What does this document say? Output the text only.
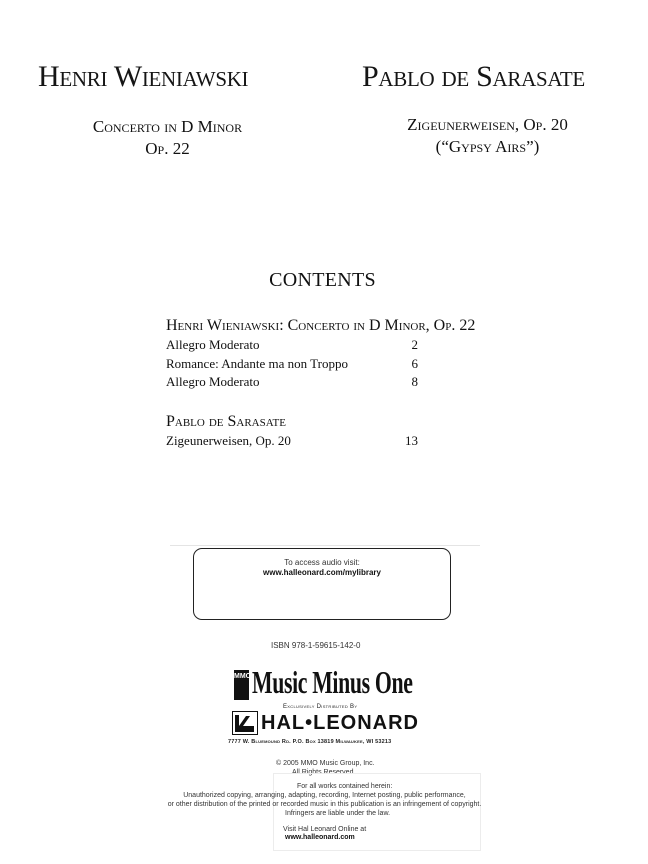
Henri Wieniawski	Pablo de Sarasate
Concerto in D Minor
Op. 22
Zigeunerweisen, Op. 20
(“Gypsy Airs”)
CONTENTS
Henri Wieniawski: Concerto in D Minor, Op. 22
Allegro Moderato	2
Romance: Andante ma non Troppo	6
Allegro Moderato	8
Pablo de Sarasate
Zigeunerweisen, Op. 20	13
To access audio visit:
www.halleonard.com/mylibrary
ISBN 978-1-59615-142-0
MMO Music Minus One
Exclusively Distributed By
HAL•LEONARD
7777 W. Bluemound Rd. P.O. Box 13819 Milwaukee, WI 53213
© 2005 MMO Music Group, Inc.
All Rights Reserved
For all works contained herein:
Unauthorized copying, arranging, adapting, recording, Internet posting, public performance,
or other distribution of the printed or recorded music in this publication is an infringement of copyright.
Infringers are liable under the law.
Visit Hal Leonard Online at
www.halleonard.com
